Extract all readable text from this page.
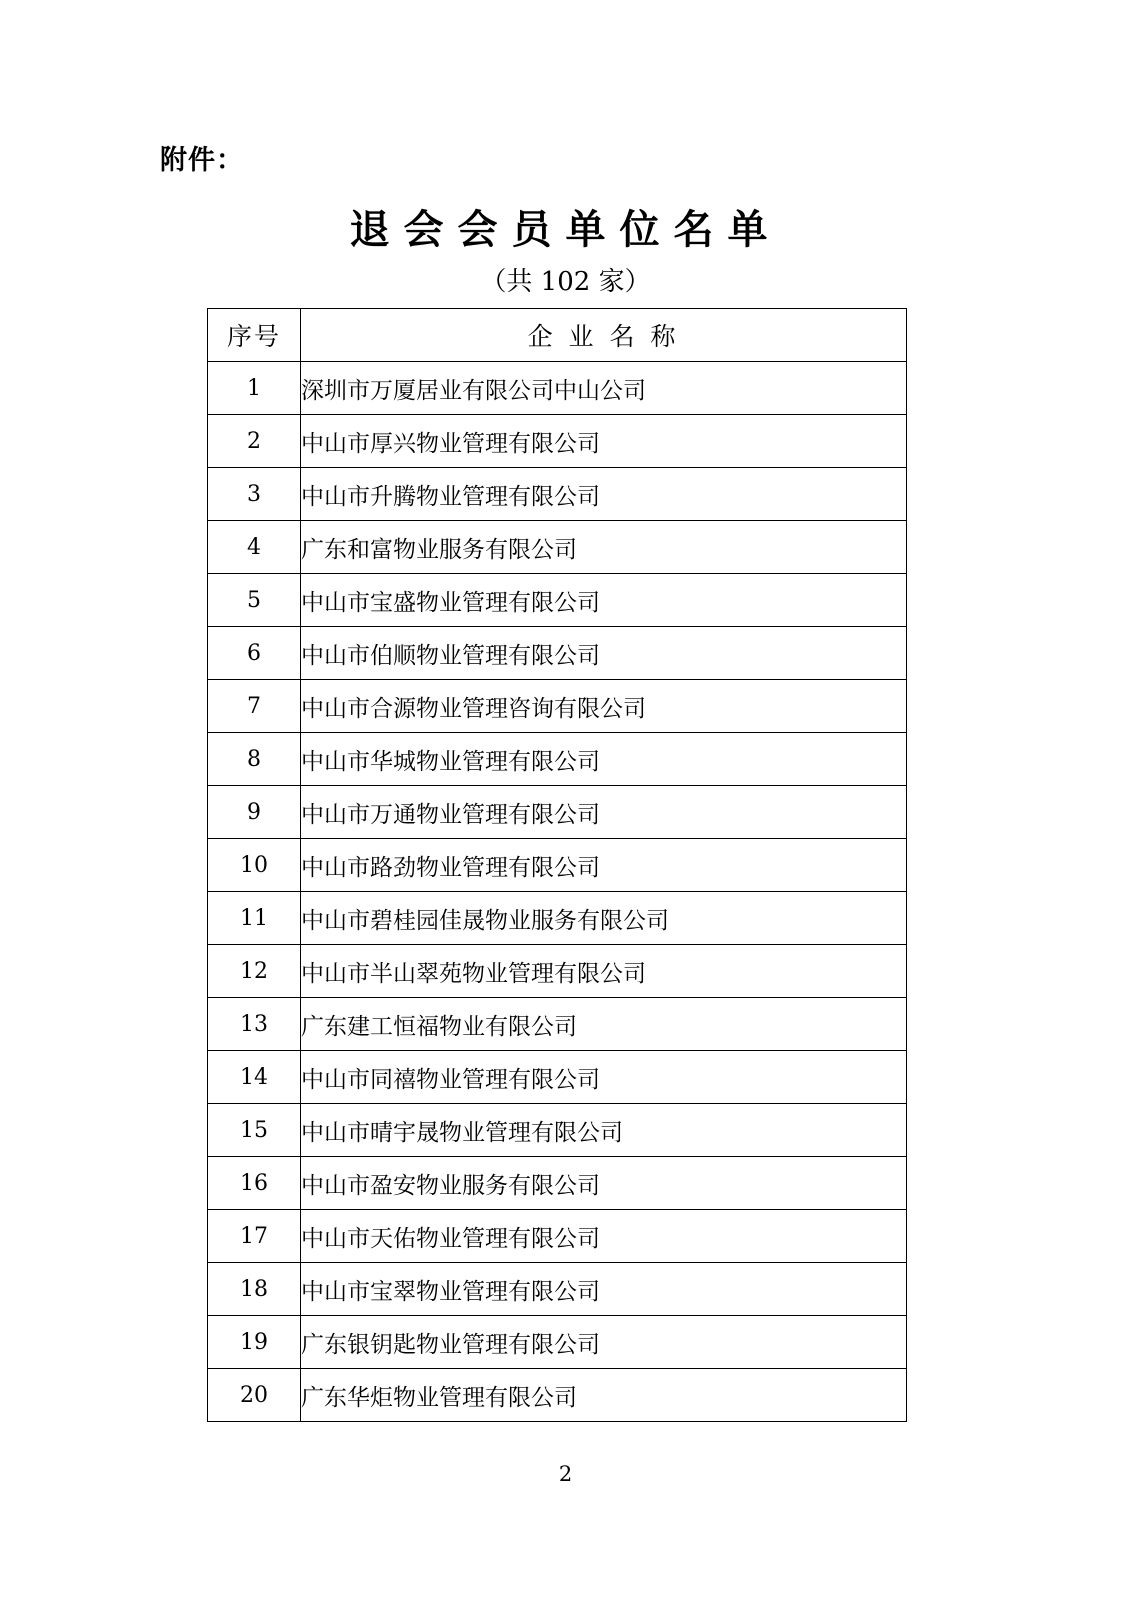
附件：
退会会员单位名单
（共 102 家）
序号	企 业 名 称
1	深圳市万厦居业有限公司中山公司
2	中山市厚兴物业管理有限公司
3	中山市升腾物业管理有限公司
4	广东和富物业服务有限公司
5	中山市宝盛物业管理有限公司
6	中山市伯顺物业管理有限公司
7	中山市合源物业管理咨询有限公司
8	中山市华城物业管理有限公司
9	中山市万通物业管理有限公司
10	中山市路劲物业管理有限公司
11	中山市碧桂园佳晟物业服务有限公司
12	中山市半山翠苑物业管理有限公司
13	广东建工恒福物业有限公司
14	中山市同禧物业管理有限公司
15	中山市晴宇晟物业管理有限公司
16	中山市盈安物业服务有限公司
17	中山市天佑物业管理有限公司
18	中山市宝翠物业管理有限公司
19	广东银钥匙物业管理有限公司
20	广东华炬物业管理有限公司
2
